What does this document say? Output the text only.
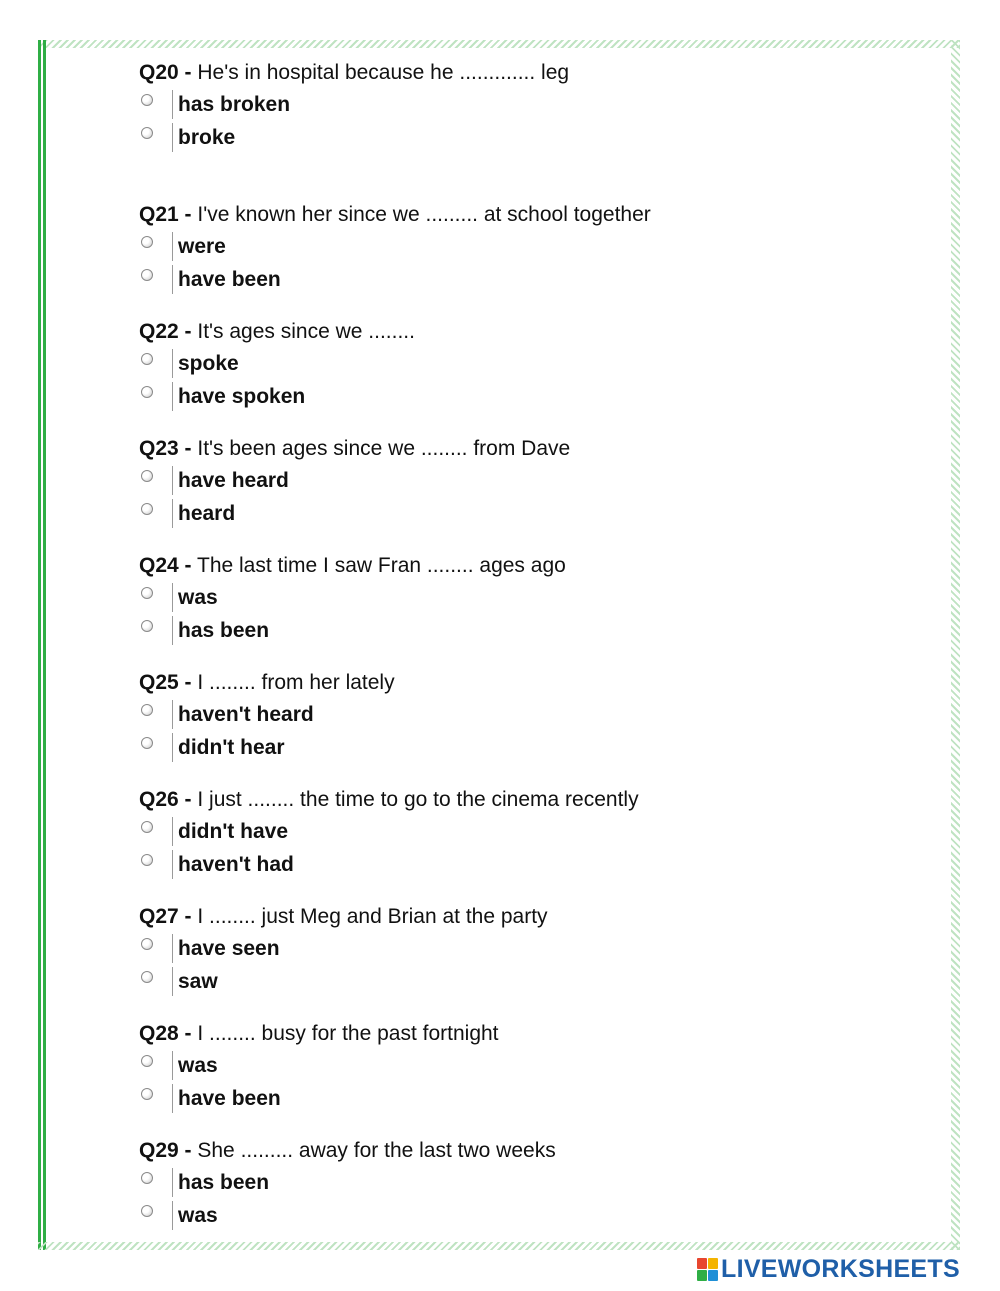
Q20 - He's in hospital because he ............. leg
has broken
broke
Q21 - I've known her since we ......... at school together
were
have been
Q22 - It's ages since we ........
spoke
have spoken
Q23 - It's been ages since we ........ from Dave
have heard
heard
Q24 - The last time I saw Fran ........ ages ago
was
has been
Q25 - I ........ from her lately
haven't heard
didn't hear
Q26 - I just ........ the time to go to the cinema recently
didn't have
haven't had
Q27 - I ........ just Meg and Brian at the party
have seen
saw
Q28 - I ........ busy for the past fortnight
was
have been
Q29 - She ......... away for the last two weeks
has been
was
LIVEWORKSHEETS
